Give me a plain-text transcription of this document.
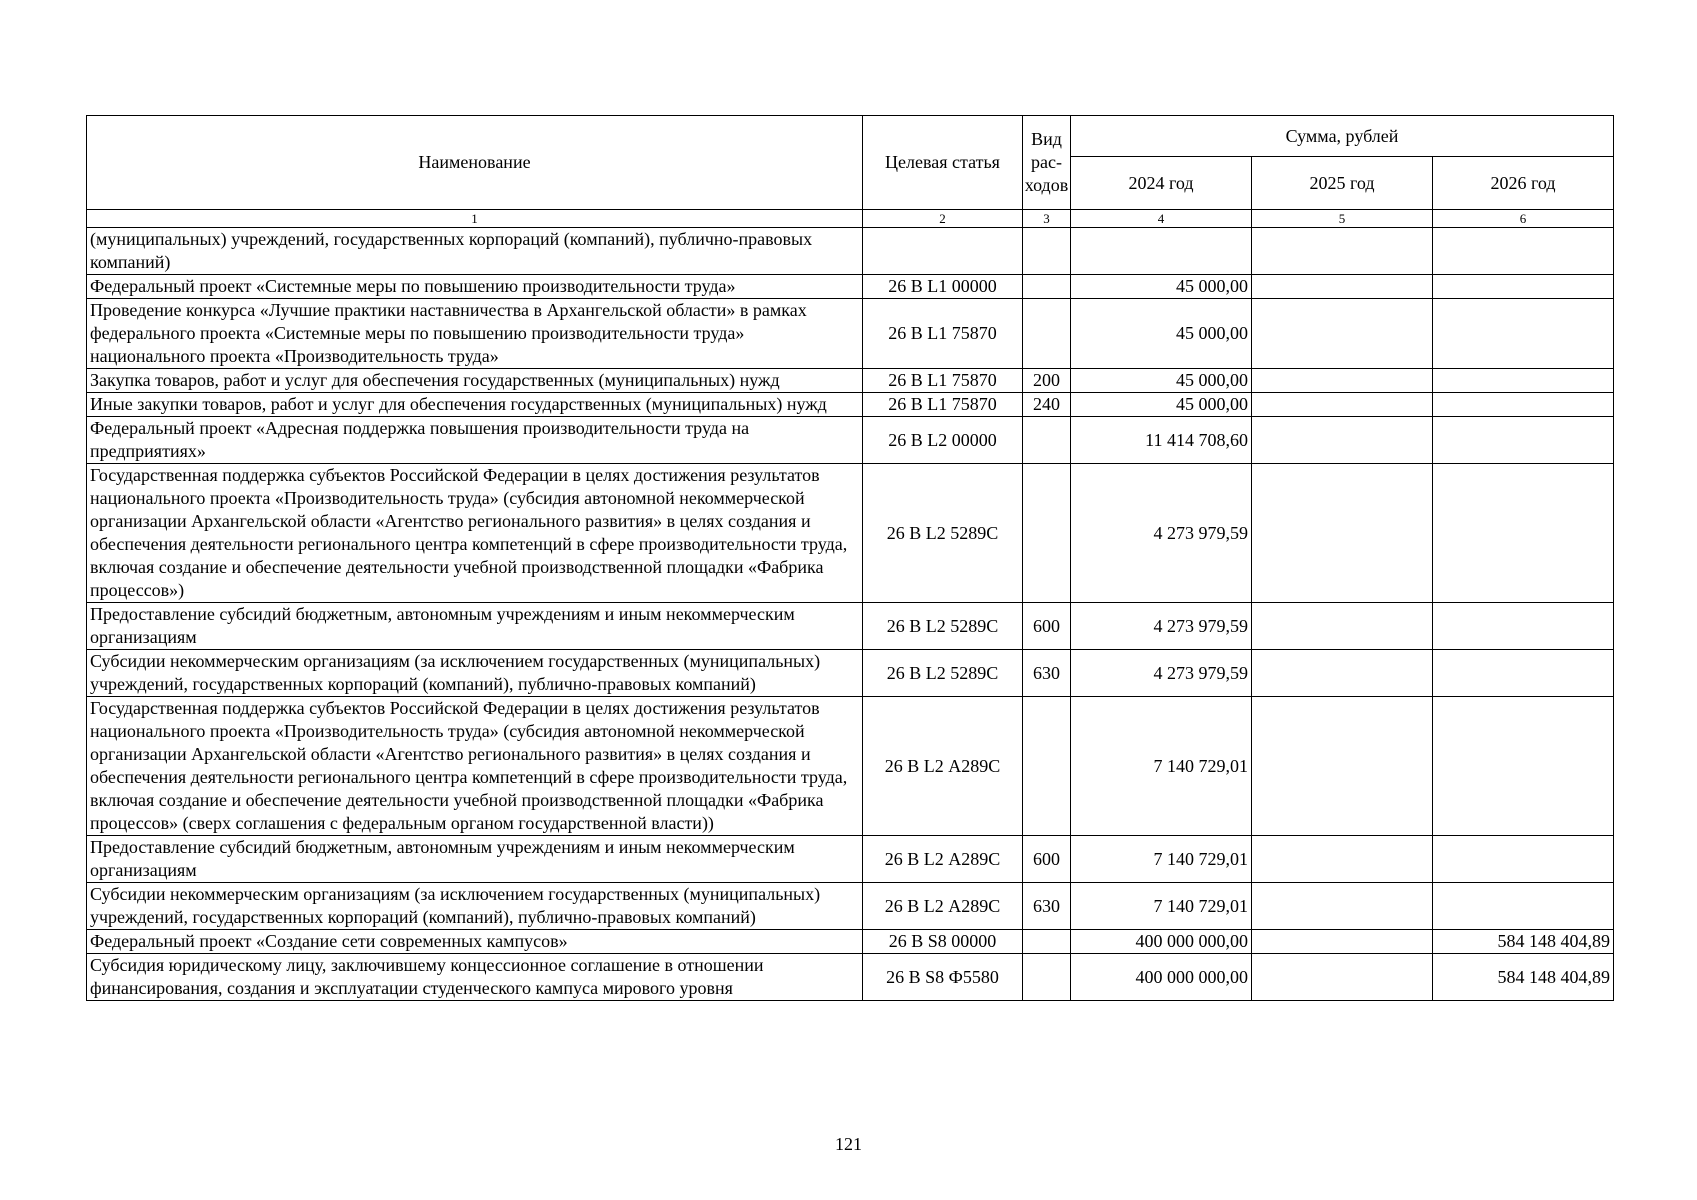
Наименование	Целевая статья	Вид рас-ходов	Сумма, рублей		
			2024 год	2025 год	2026 год
1	2	3	4	5	6
(муниципальных) учреждений, государственных корпораций (компаний), публично-правовых компаний)					
Федеральный проект «Системные меры по повышению производительности труда»	26 В L1 00000		45 000,00		
Проведение конкурса «Лучшие практики наставничества в Архангельской области» в рамках федерального проекта «Системные меры по повышению производительности труда» национального проекта «Производительность труда»	26 В L1 75870		45 000,00		
Закупка товаров, работ и услуг для обеспечения государственных (муниципальных) нужд	26 В L1 75870	200	45 000,00		
Иные закупки товаров, работ и услуг для обеспечения государственных (муниципальных) нужд	26 В L1 75870	240	45 000,00		
Федеральный проект «Адресная поддержка повышения производительности труда на предприятиях»	26 В L2 00000		11 414 708,60		
Государственная поддержка субъектов Российской Федерации в целях достижения результатов национального проекта «Производительность труда» (субсидия автономной некоммерческой организации Архангельской области «Агентство регионального развития» в целях создания и обеспечения деятельности регионального центра компетенций в сфере производительности труда, включая создание и обеспечение деятельности учебной производственной площадки «Фабрика процессов»)	26 В L2 5289С		4 273 979,59		
Предоставление субсидий бюджетным, автономным учреждениям и иным некоммерческим организациям	26 В L2 5289С	600	4 273 979,59		
Субсидии некоммерческим организациям (за исключением государственных (муниципальных) учреждений, государственных корпораций (компаний), публично-правовых компаний)	26 В L2 5289С	630	4 273 979,59		
Государственная поддержка субъектов Российской Федерации в целях достижения результатов национального проекта «Производительность труда» (субсидия автономной некоммерческой организации Архангельской области «Агентство регионального развития» в целях создания и обеспечения деятельности регионального центра компетенций в сфере производительности труда, включая создание и обеспечение деятельности учебной производственной площадки «Фабрика процессов» (сверх соглашения с федеральным органом государственной власти))	26 В L2 А289С		7 140 729,01		
Предоставление субсидий бюджетным, автономным учреждениям и иным некоммерческим организациям	26 В L2 А289С	600	7 140 729,01		
Субсидии некоммерческим организациям (за исключением государственных (муниципальных) учреждений, государственных корпораций (компаний), публично-правовых компаний)	26 В L2 А289С	630	7 140 729,01		
Федеральный проект «Создание сети современных кампусов»	26 В S8 00000		400 000 000,00		584 148 404,89
Субсидия юридическому лицу, заключившему концессионное соглашение в отношении финансирования, создания и эксплуатации студенческого кампуса мирового уровня	26 В S8 Ф5580		400 000 000,00		584 148 404,89
121
